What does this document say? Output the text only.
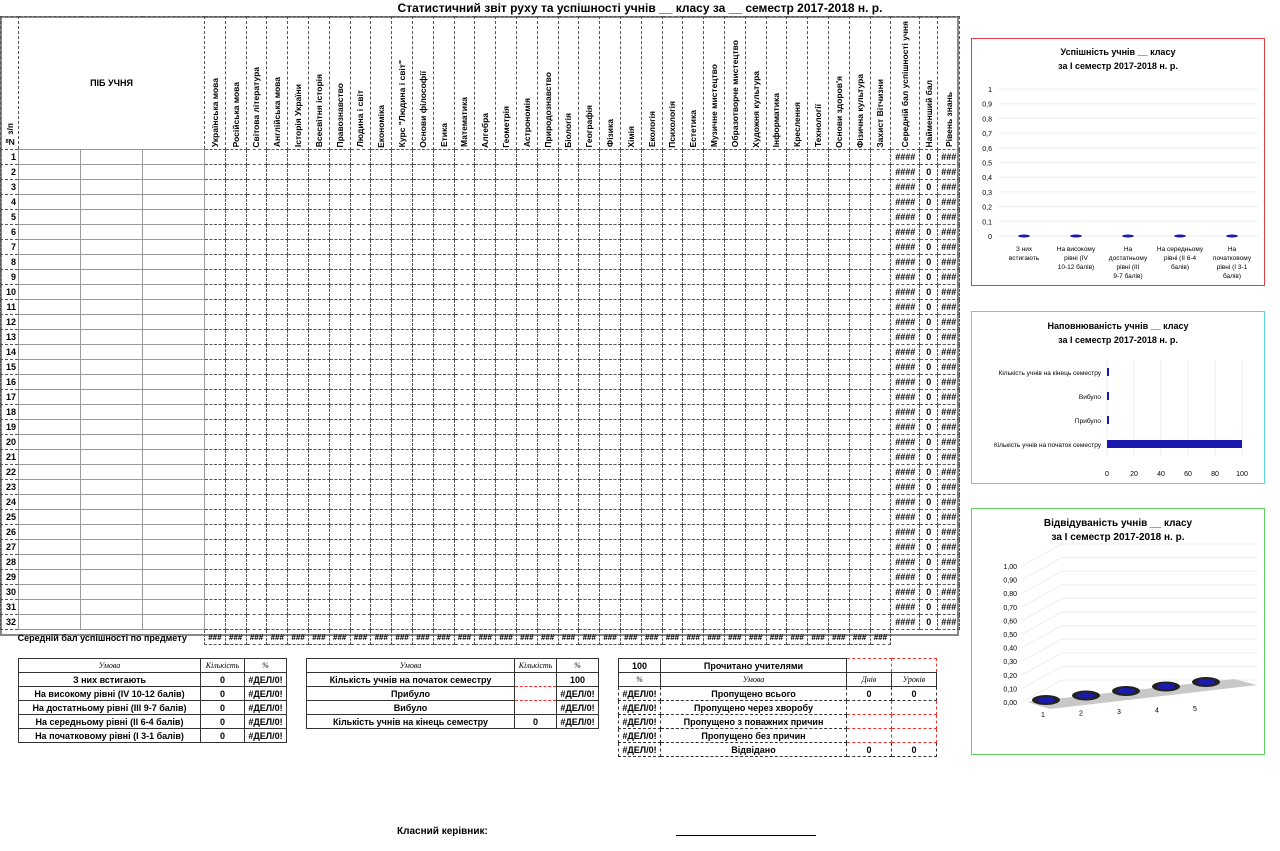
Статистичний звіт руху та успішності учнів __ класу за __ семестр 2017-2018 н. р.
№ з/п	ПІБ УЧНЯ			Українська мова	Російська мова	Світова література	Англійська мова	Історія України	Всесвітня історія	Правознавство	Людина і світ	Економіка	Курс "Людина і світ"	Основи філософії	Етика	Математика	Алгебра	Геометрія	Астрономія	Природознавство	Біологія	Географія	Фізика	Хімія	Екологія	Психологія	Естетика	Музичне мистецтво	Образотворче мистецтво	Художня культура	Інформатика	Креслення	Технології	Основи здоров'я	Фізична культура	Захист Вітчизни	Середній бал успішності учня	Найменший бал	Рівень знань
1																																					####	0	###
2																																					####	0	###
3																																					####	0	###
4																																					####	0	###
5																																					####	0	###
6																																					####	0	###
7																																					####	0	###
8																																					####	0	###
9																																					####	0	###
10																																					####	0	###
11																																					####	0	###
12																																					####	0	###
13																																					####	0	###
14																																					####	0	###
15																																					####	0	###
16																																					####	0	###
17																																					####	0	###
18																																					####	0	###
19																																					####	0	###
20																																					####	0	###
21																																					####	0	###
22																																					####	0	###
23																																					####	0	###
24																																					####	0	###
25																																					####	0	###
26																																					####	0	###
27																																					####	0	###
28																																					####	0	###
29																																					####	0	###
30																																					####	0	###
31																																					####	0	###
32																																					####	0	###
Середній бал успішності по предмету				###	###	###	###	###	###	###	###	###	###	###	###	###	###	###	###	###	###	###	###	###	###	###	###	###	###	###	###	###	###	###	###	###			
Умова	Кількість	%
З них встигають	0	#ДЕЛ/0!
На високому рівні (IV 10-12 балів)	0	#ДЕЛ/0!
На достатньому рівні (III 9-7 балів)	0	#ДЕЛ/0!
На середньому рівні (II 6-4 балів)	0	#ДЕЛ/0!
На початковому рівні (I 3-1 балів)	0	#ДЕЛ/0!
Умова	Кількість	%
Кількість учнів на початок семестру		100
Прибуло		#ДЕЛ/0!
Вибуло		#ДЕЛ/0!
Кількість учнів на кінець семестру	0	#ДЕЛ/0!
100	Прочитано учителями		
%	Умова	Днів	Уроків
#ДЕЛ/0!	Пропущено всього	0	0
#ДЕЛ/0!	Пропущено через хворобу		
#ДЕЛ/0!	Пропущено з поважних причин		
#ДЕЛ/0!	Пропущено без причин		
#ДЕЛ/0!	Відвідано	0	0
Класний керівник:
Успішність учнів __ класу
за І семестр 2017-2018 н. р.
0
0,1
0,2
0,3
0,4
0,5
0,6
0,7
0,8
0,9
1
З них
встигають
На високому
рівні (IV
10-12 балів)
На
достатньому
рівні (III
9-7 балів)
На середньому
рівні (II 6-4
балів)
На
початковому
рівні (I 3-1
балів)
Наповнюваність учнів __ класу
за І семестр 2017-2018 н. р.
0	20	40	60	80 100
Кількість учнів на початок семестру
Прибуло
Вибуло
Кількість учнів на кінець семестру
Відвідуваність учнів __ класу
за І семестр 2017-2018 н. р.
0,00
0,10
0,20
0,30
0,40
0,50
0,60
0,70
0,80
0,90
1,00
1	2	3	4	5
